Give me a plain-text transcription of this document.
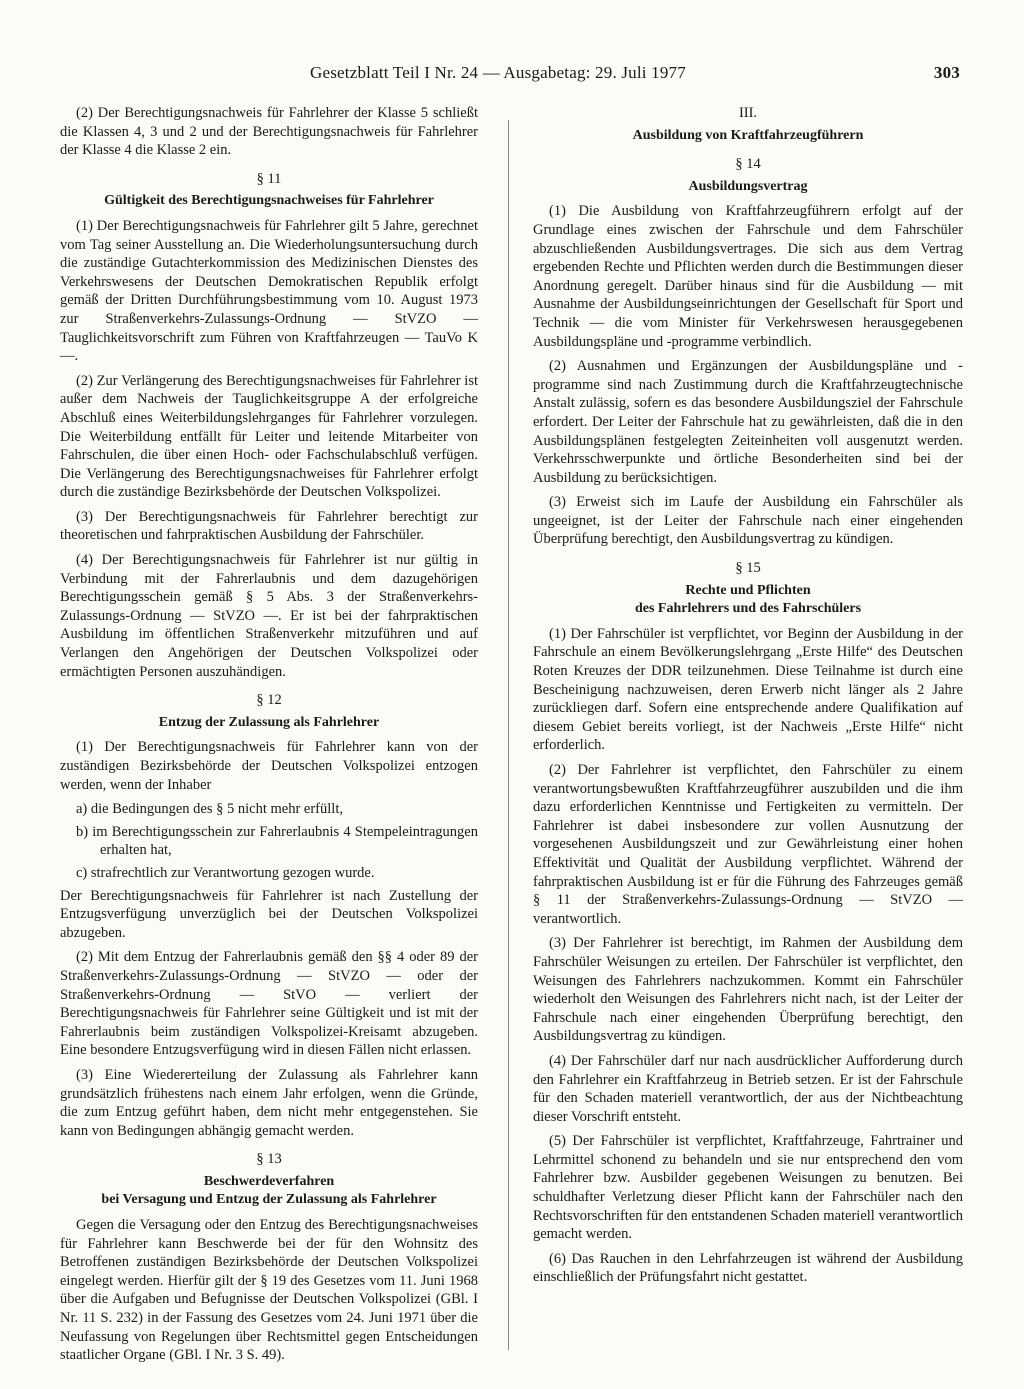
Gesetzblatt Teil I Nr. 24 — Ausgabetag: 29. Juli 1977	303

(2) Der Berechtigungsnachweis für Fahrlehrer der Klasse 5 schließt die Klassen 4, 3 und 2 und der Berechtigungsnachweis für Fahrlehrer der Klasse 4 die Klasse 2 ein.

§ 11
Gültigkeit des Berechtigungsnachweises für Fahrlehrer

(1) Der Berechtigungsnachweis für Fahrlehrer gilt 5 Jahre, gerechnet vom Tag seiner Ausstellung an. Die Wiederholungsuntersuchung durch die zuständige Gutachterkommission des Medizinischen Dienstes des Verkehrswesens der Deutschen Demokratischen Republik erfolgt gemäß der Dritten Durchführungsbestimmung vom 10. August 1973 zur Straßenverkehrs-Zulassungs-Ordnung — StVZO — Tauglichkeitsvorschrift zum Führen von Kraftfahrzeugen — TauVo K —.

(2) Zur Verlängerung des Berechtigungsnachweises für Fahrlehrer ist außer dem Nachweis der Tauglichkeitsgruppe A der erfolgreiche Abschluß eines Weiterbildungslehrganges für Fahrlehrer vorzulegen. Die Weiterbildung entfällt für Leiter und leitende Mitarbeiter von Fahrschulen, die über einen Hoch- oder Fachschulabschluß verfügen. Die Verlängerung des Berechtigungsnachweises für Fahrlehrer erfolgt durch die zuständige Bezirksbehörde der Deutschen Volkspolizei.

(3) Der Berechtigungsnachweis für Fahrlehrer berechtigt zur theoretischen und fahrpraktischen Ausbildung der Fahrschüler.

(4) Der Berechtigungsnachweis für Fahrlehrer ist nur gültig in Verbindung mit der Fahrerlaubnis und dem dazugehörigen Berechtigungsschein gemäß § 5 Abs. 3 der Straßenverkehrs-Zulassungs-Ordnung — StVZO —. Er ist bei der fahrpraktischen Ausbildung im öffentlichen Straßenverkehr mitzuführen und auf Verlangen den Angehörigen der Deutschen Volkspolizei oder ermächtigten Personen auszuhändigen.

§ 12
Entzug der Zulassung als Fahrlehrer

(1) Der Berechtigungsnachweis für Fahrlehrer kann von der zuständigen Bezirksbehörde der Deutschen Volkspolizei entzogen werden, wenn der Inhaber

a) die Bedingungen des § 5 nicht mehr erfüllt,

b) im Berechtigungsschein zur Fahrerlaubnis 4 Stempeleintragungen erhalten hat,

c) strafrechtlich zur Verantwortung gezogen wurde.

Der Berechtigungsnachweis für Fahrlehrer ist nach Zustellung der Entzugsverfügung unverzüglich bei der Deutschen Volkspolizei abzugeben.

(2) Mit dem Entzug der Fahrerlaubnis gemäß den §§ 4 oder 89 der Straßenverkehrs-Zulassungs-Ordnung — StVZO — oder der Straßenverkehrs-Ordnung — StVO — verliert der Berechtigungsnachweis für Fahrlehrer seine Gültigkeit und ist mit der Fahrerlaubnis beim zuständigen Volkspolizei-Kreisamt abzugeben. Eine besondere Entzugsverfügung wird in diesen Fällen nicht erlassen.

(3) Eine Wiedererteilung der Zulassung als Fahrlehrer kann grundsätzlich frühestens nach einem Jahr erfolgen, wenn die Gründe, die zum Entzug geführt haben, dem nicht mehr entgegenstehen. Sie kann von Bedingungen abhängig gemacht werden.

§ 13
Beschwerdeverfahren
bei Versagung und Entzug der Zulassung als Fahrlehrer

Gegen die Versagung oder den Entzug des Berechtigungsnachweises für Fahrlehrer kann Beschwerde bei der für den Wohnsitz des Betroffenen zuständigen Bezirksbehörde der Deutschen Volkspolizei eingelegt werden. Hierfür gilt der § 19 des Gesetzes vom 11. Juni 1968 über die Aufgaben und Befugnisse der Deutschen Volkspolizei (GBl. I Nr. 11 S. 232) in der Fassung des Gesetzes vom 24. Juni 1971 über die Neufassung von Regelungen über Rechtsmittel gegen Entscheidungen staatlicher Organe (GBl. I Nr. 3 S. 49).

III.
Ausbildung von Kraftfahrzeugführern
§ 14
Ausbildungsvertrag

(1) Die Ausbildung von Kraftfahrzeugführern erfolgt auf der Grundlage eines zwischen der Fahrschule und dem Fahrschüler abzuschließenden Ausbildungsvertrages. Die sich aus dem Vertrag ergebenden Rechte und Pflichten werden durch die Bestimmungen dieser Anordnung geregelt. Darüber hinaus sind für die Ausbildung — mit Ausnahme der Ausbildungseinrichtungen der Gesellschaft für Sport und Technik — die vom Minister für Verkehrswesen herausgegebenen Ausbildungspläne und -programme verbindlich.

(2) Ausnahmen und Ergänzungen der Ausbildungspläne und -programme sind nach Zustimmung durch die Kraftfahrzeugtechnische Anstalt zulässig, sofern es das besondere Ausbildungsziel der Fahrschule erfordert. Der Leiter der Fahrschule hat zu gewährleisten, daß die in den Ausbildungsplänen festgelegten Zeiteinheiten voll ausgenutzt werden. Verkehrsschwerpunkte und örtliche Besonderheiten sind bei der Ausbildung zu berücksichtigen.

(3) Erweist sich im Laufe der Ausbildung ein Fahrschüler als ungeeignet, ist der Leiter der Fahrschule nach einer eingehenden Überprüfung berechtigt, den Ausbildungsvertrag zu kündigen.

§ 15
Rechte und Pflichten
des Fahrlehrers und des Fahrschülers

(1) Der Fahrschüler ist verpflichtet, vor Beginn der Ausbildung in der Fahrschule an einem Bevölkerungslehrgang „Erste Hilfe“ des Deutschen Roten Kreuzes der DDR teilzunehmen. Diese Teilnahme ist durch eine Bescheinigung nachzuweisen, deren Erwerb nicht länger als 2 Jahre zurückliegen darf. Sofern eine entsprechende andere Qualifikation auf diesem Gebiet bereits vorliegt, ist der Nachweis „Erste Hilfe“ nicht erforderlich.

(2) Der Fahrlehrer ist verpflichtet, den Fahrschüler zu einem verantwortungsbewußten Kraftfahrzeugführer auszubilden und die ihm dazu erforderlichen Kenntnisse und Fertigkeiten zu vermitteln. Der Fahrlehrer ist dabei insbesondere zur vollen Ausnutzung der vorgesehenen Ausbildungszeit und zur Gewährleistung einer hohen Effektivität und Qualität der Ausbildung verpflichtet. Während der fahrpraktischen Ausbildung ist er für die Führung des Fahrzeuges gemäß § 11 der Straßenverkehrs-Zulassungs-Ordnung — StVZO — verantwortlich.

(3) Der Fahrlehrer ist berechtigt, im Rahmen der Ausbildung dem Fahrschüler Weisungen zu erteilen. Der Fahrschüler ist verpflichtet, den Weisungen des Fahrlehrers nachzukommen. Kommt ein Fahrschüler wiederholt den Weisungen des Fahrlehrers nicht nach, ist der Leiter der Fahrschule nach einer eingehenden Überprüfung berechtigt, den Ausbildungsvertrag zu kündigen.

(4) Der Fahrschüler darf nur nach ausdrücklicher Aufforderung durch den Fahrlehrer ein Kraftfahrzeug in Betrieb setzen. Er ist der Fahrschule für den Schaden materiell verantwortlich, der aus der Nichtbeachtung dieser Vorschrift entsteht.

(5) Der Fahrschüler ist verpflichtet, Kraftfahrzeuge, Fahrtrainer und Lehrmittel schonend zu behandeln und sie nur entsprechend den vom Fahrlehrer bzw. Ausbilder gegebenen Weisungen zu benutzen. Bei schuldhafter Verletzung dieser Pflicht kann der Fahrschüler nach den Rechtsvorschriften für den entstandenen Schaden materiell verantwortlich gemacht werden.

(6) Das Rauchen in den Lehrfahrzeugen ist während der Ausbildung einschließlich der Prüfungsfahrt nicht gestattet.
